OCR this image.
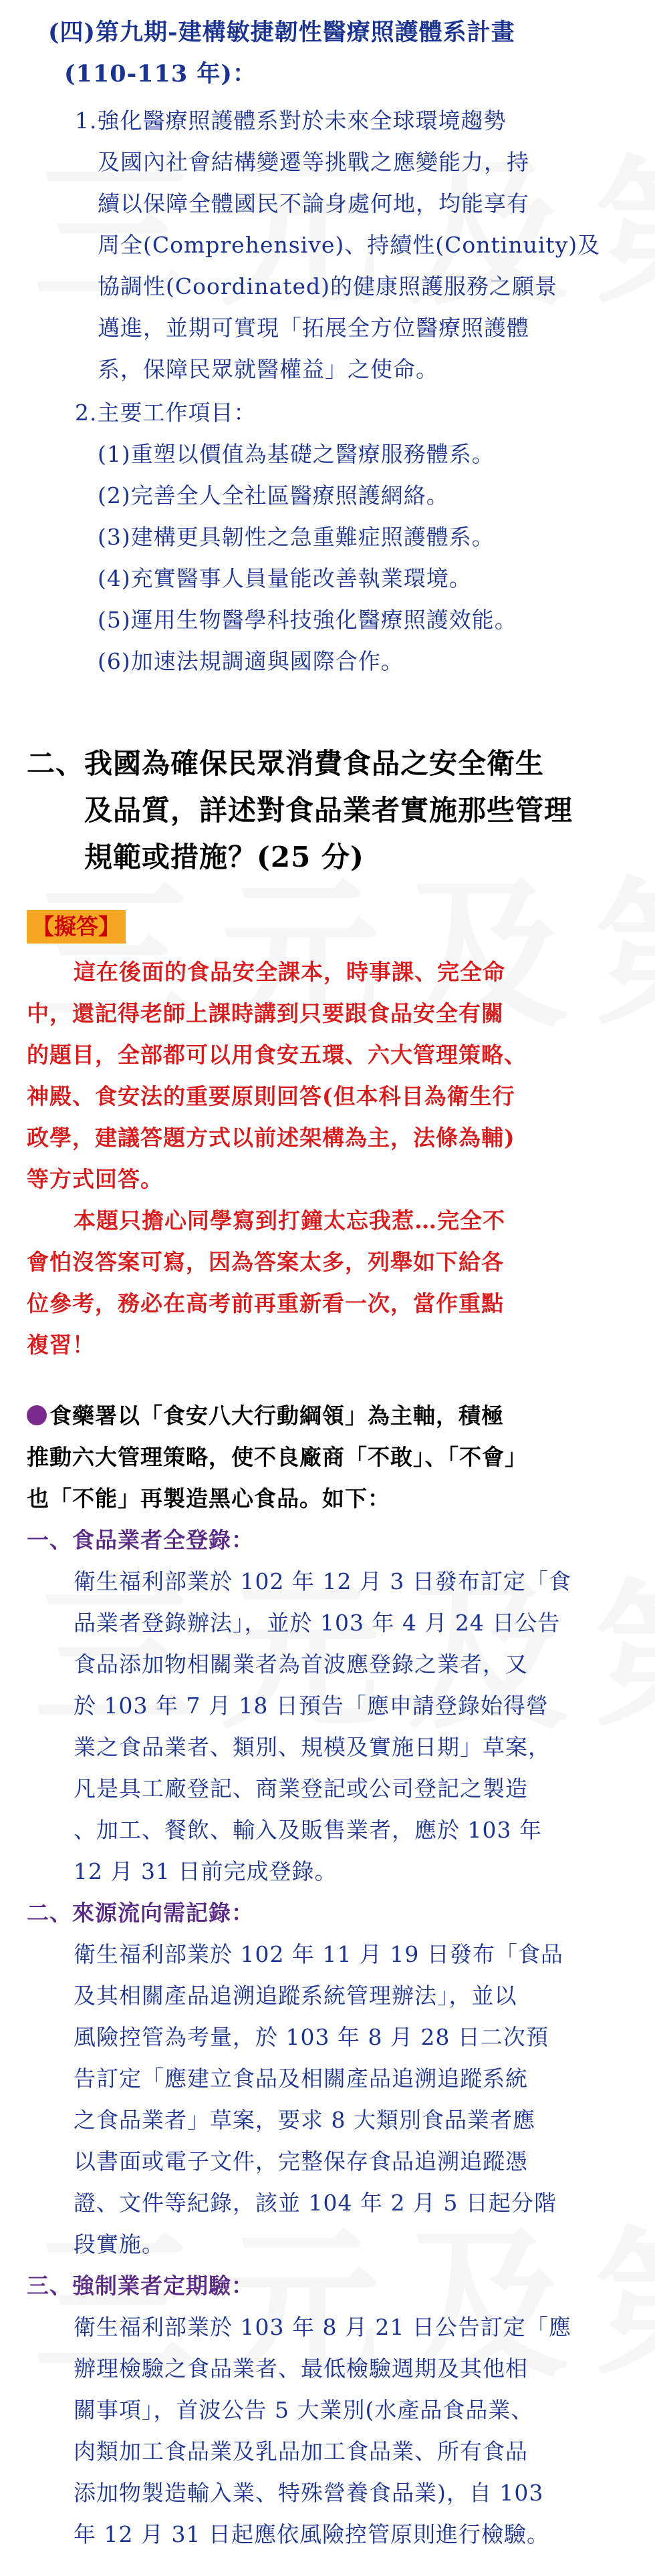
(四)第九期-建構敏捷韌性醫療照護體系計畫

(110-113 年)：

1.強化醫療照護體系對於未來全球環境趨勢

及國內社會結構變遷等挑戰之應變能力，持

續以保障全體國民不論身處何地，均能享有

周全(Comprehensive)、持續性(Continuity)及

協調性(Coordinated)的健康照護服務之願景

邁進，並期可實現「拓展全方位醫療照護體

系，保障民眾就醫權益」之使命。

2.主要工作項目：

(1)重塑以價值為基礎之醫療服務體系。

(2)完善全人全社區醫療照護網絡。

(3)建構更具韌性之急重難症照護體系。

(4)充實醫事人員量能改善執業環境。

(5)運用生物醫學科技強化醫療照護效能。

(6)加速法規調適與國際合作。

二、我國為確保民眾消費食品之安全衛生

及品質，詳述對食品業者實施那些管理

規範或措施？(25 分)

【擬答】

這在後面的食品安全課本，時事課、完全命

中，還記得老師上課時講到只要跟食品安全有關

的題目，全部都可以用食安五環、六大管理策略、

神殿、食安法的重要原則回答(但本科目為衛生行

政學，建議答題方式以前述架構為主，法條為輔)

等方式回答。

本題只擔心同學寫到打鐘太忘我惹…完全不

會怕沒答案可寫，因為答案太多，列舉如下給各

位參考，務必在高考前再重新看一次，當作重點

複習！

食藥署以「食安八大行動綱領」為主軸，積極

推動六大管理策略，使不良廠商「不敢」、「不會」

也「不能」再製造黑心食品。如下：

一、食品業者全登錄：

衛生福利部業於 102 年 12 月 3 日發布訂定「食

品業者登錄辦法」，並於 103 年 4 月 24 日公告

食品添加物相關業者為首波應登錄之業者，又

於 103 年 7 月 18 日預告「應申請登錄始得營

業之食品業者、類別、規模及實施日期」草案，

凡是具工廠登記、商業登記或公司登記之製造

、加工、餐飲、輸入及販售業者，應於 103 年

12 月 31 日前完成登錄。

二、來源流向需記錄：

衛生福利部業於 102 年 11 月 19 日發布「食品

及其相關產品追溯追蹤系統管理辦法」，並以

風險控管為考量，於 103 年 8 月 28 日二次預

告訂定「應建立食品及相關產品追溯追蹤系統

之食品業者」草案，要求 8 大類別食品業者應

以書面或電子文件，完整保存食品追溯追蹤憑

證、文件等紀錄，該並 104 年 2 月 5 日起分階

段實施。

三、強制業者定期驗：

衛生福利部業於 103 年 8 月 21 日公告訂定「應

辦理檢驗之食品業者、最低檢驗週期及其他相

關事項」，首波公告 5 大業別(水產品食品業、

肉類加工食品業及乳品加工食品業、所有食品

添加物製造輸入業、特殊營養食品業)，自 103

年 12 月 31 日起應依風險控管原則進行檢驗。
